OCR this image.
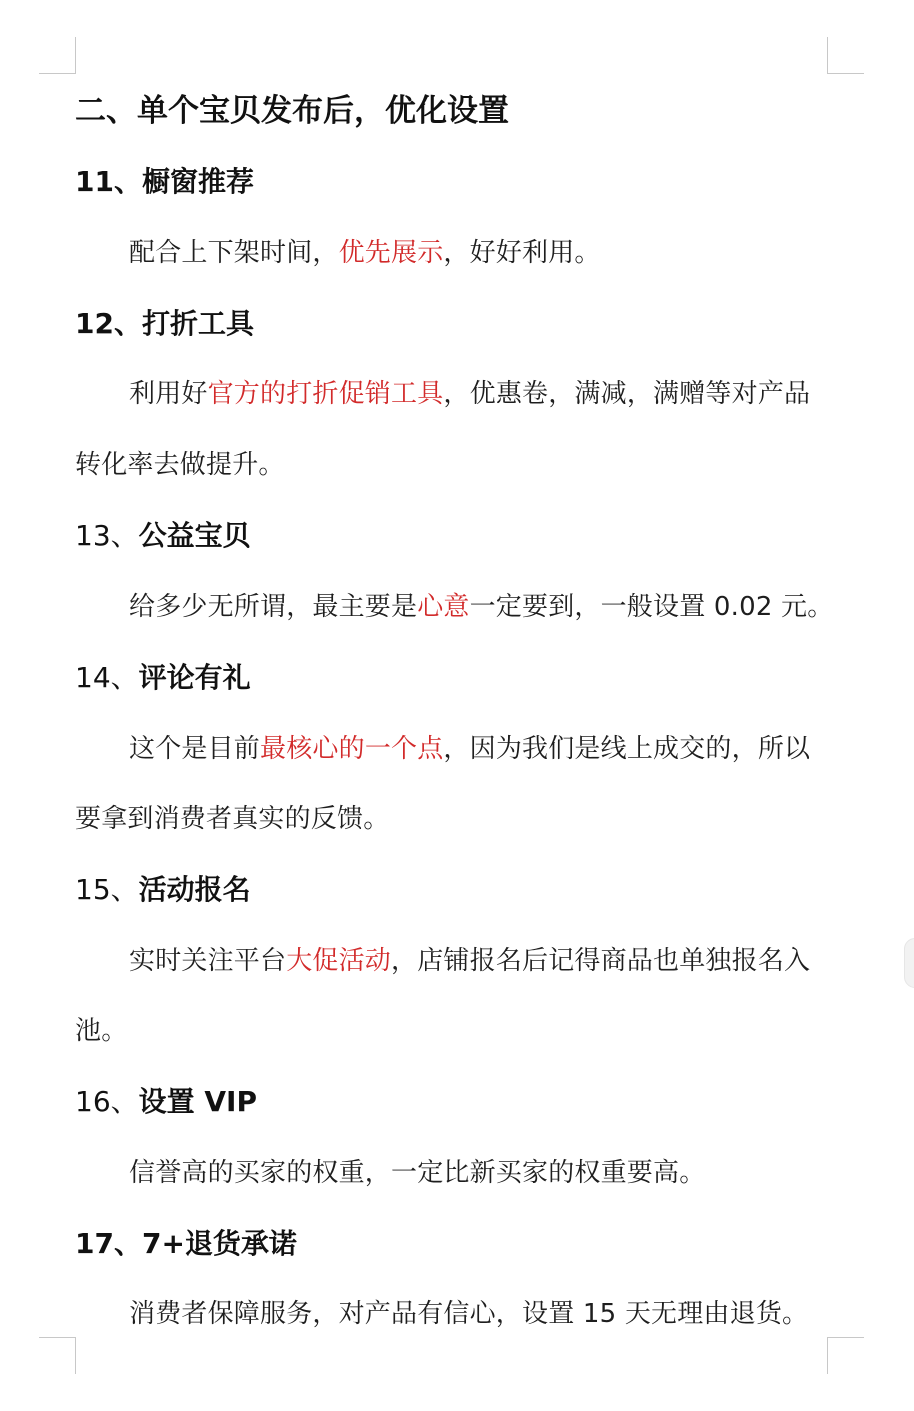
二、单个宝贝发布后，优化设置
11、橱窗推荐
配合上下架时间，优先展示，好好利用。
12、打折工具
利用好官方的打折促销工具，优惠卷，满减，满赠等对产品
转化率去做提升。
13、公益宝贝
给多少无所谓，最主要是心意一定要到，一般设置 0.02 元。
14、评论有礼
这个是目前最核心的一个点，因为我们是线上成交的，所以
要拿到消费者真实的反馈。
15、活动报名
实时关注平台大促活动，店铺报名后记得商品也单独报名入
池。
16、设置 VIP
信誉高的买家的权重，一定比新买家的权重要高。
17、7+退货承诺
消费者保障服务，对产品有信心，设置 15 天无理由退货。
